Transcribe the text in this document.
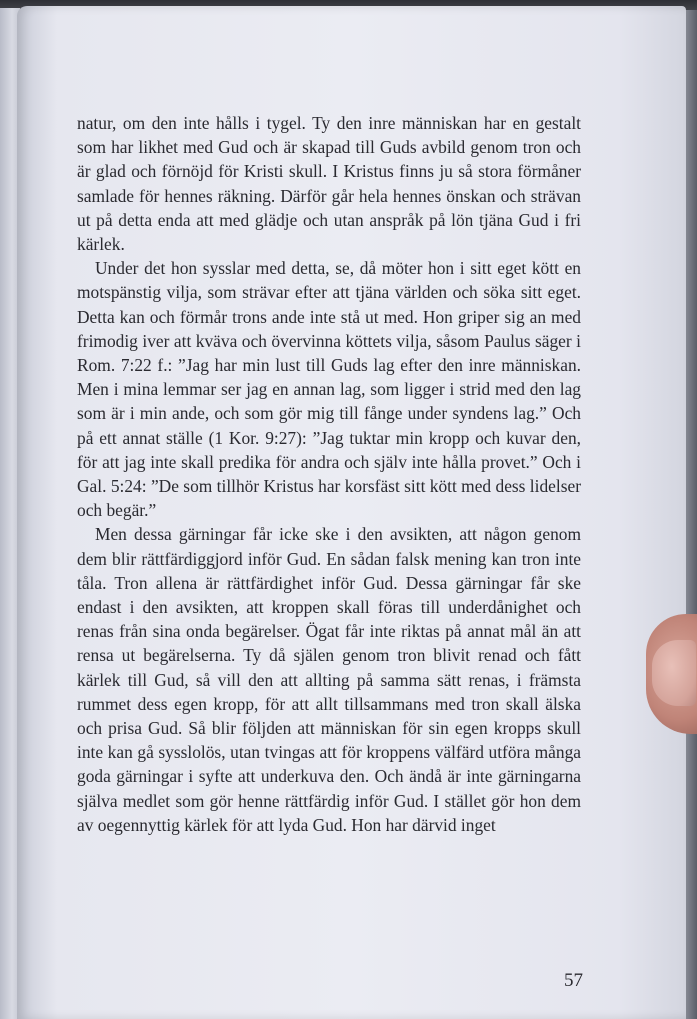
natur, om den inte hålls i tygel. Ty den inre människan har en gestalt som har likhet med Gud och är skapad till Guds avbild genom tron och är glad och förnöjd för Kristi skull. I Kristus finns ju så stora förmåner samlade för hennes räkning. Därför går hela hennes önskan och strävan ut på detta enda att med glädje och utan anspråk på lön tjäna Gud i fri kärlek.

Under det hon sysslar med detta, se, då möter hon i sitt eget kött en motspänstig vilja, som strävar efter att tjäna världen och söka sitt eget. Detta kan och förmår trons ande inte stå ut med. Hon griper sig an med frimodig iver att kväva och övervinna köttets vilja, såsom Paulus säger i Rom. 7:22 f.: ”Jag har min lust till Guds lag efter den inre människan. Men i mina lemmar ser jag en annan lag, som ligger i strid med den lag som är i min ande, och som gör mig till fånge under syndens lag.” Och på ett annat ställe (1 Kor. 9:27): ”Jag tuktar min kropp och kuvar den, för att jag inte skall predika för andra och själv inte hålla provet.” Och i Gal. 5:24: ”De som tillhör Kristus har korsfäst sitt kött med dess lidelser och begär.”

Men dessa gärningar får icke ske i den avsikten, att någon genom dem blir rättfärdiggjord inför Gud. En sådan falsk mening kan tron inte tåla. Tron allena är rättfärdighet inför Gud. Dessa gärningar får ske endast i den avsikten, att kroppen skall föras till underdånighet och renas från sina onda begärelser. Ögat får inte riktas på annat mål än att rensa ut begärelserna. Ty då själen genom tron blivit renad och fått kärlek till Gud, så vill den att allting på samma sätt renas, i främsta rummet dess egen kropp, för att allt tillsammans med tron skall älska och prisa Gud. Så blir följden att människan för sin egen kropps skull inte kan gå sysslolös, utan tvingas att för kroppens välfärd utföra många goda gärningar i syfte att underkuva den. Och ändå är inte gärningarna själva medlet som gör henne rättfärdig inför Gud. I stället gör hon dem av oegennyttig kärlek för att lyda Gud. Hon har därvid inget

57
